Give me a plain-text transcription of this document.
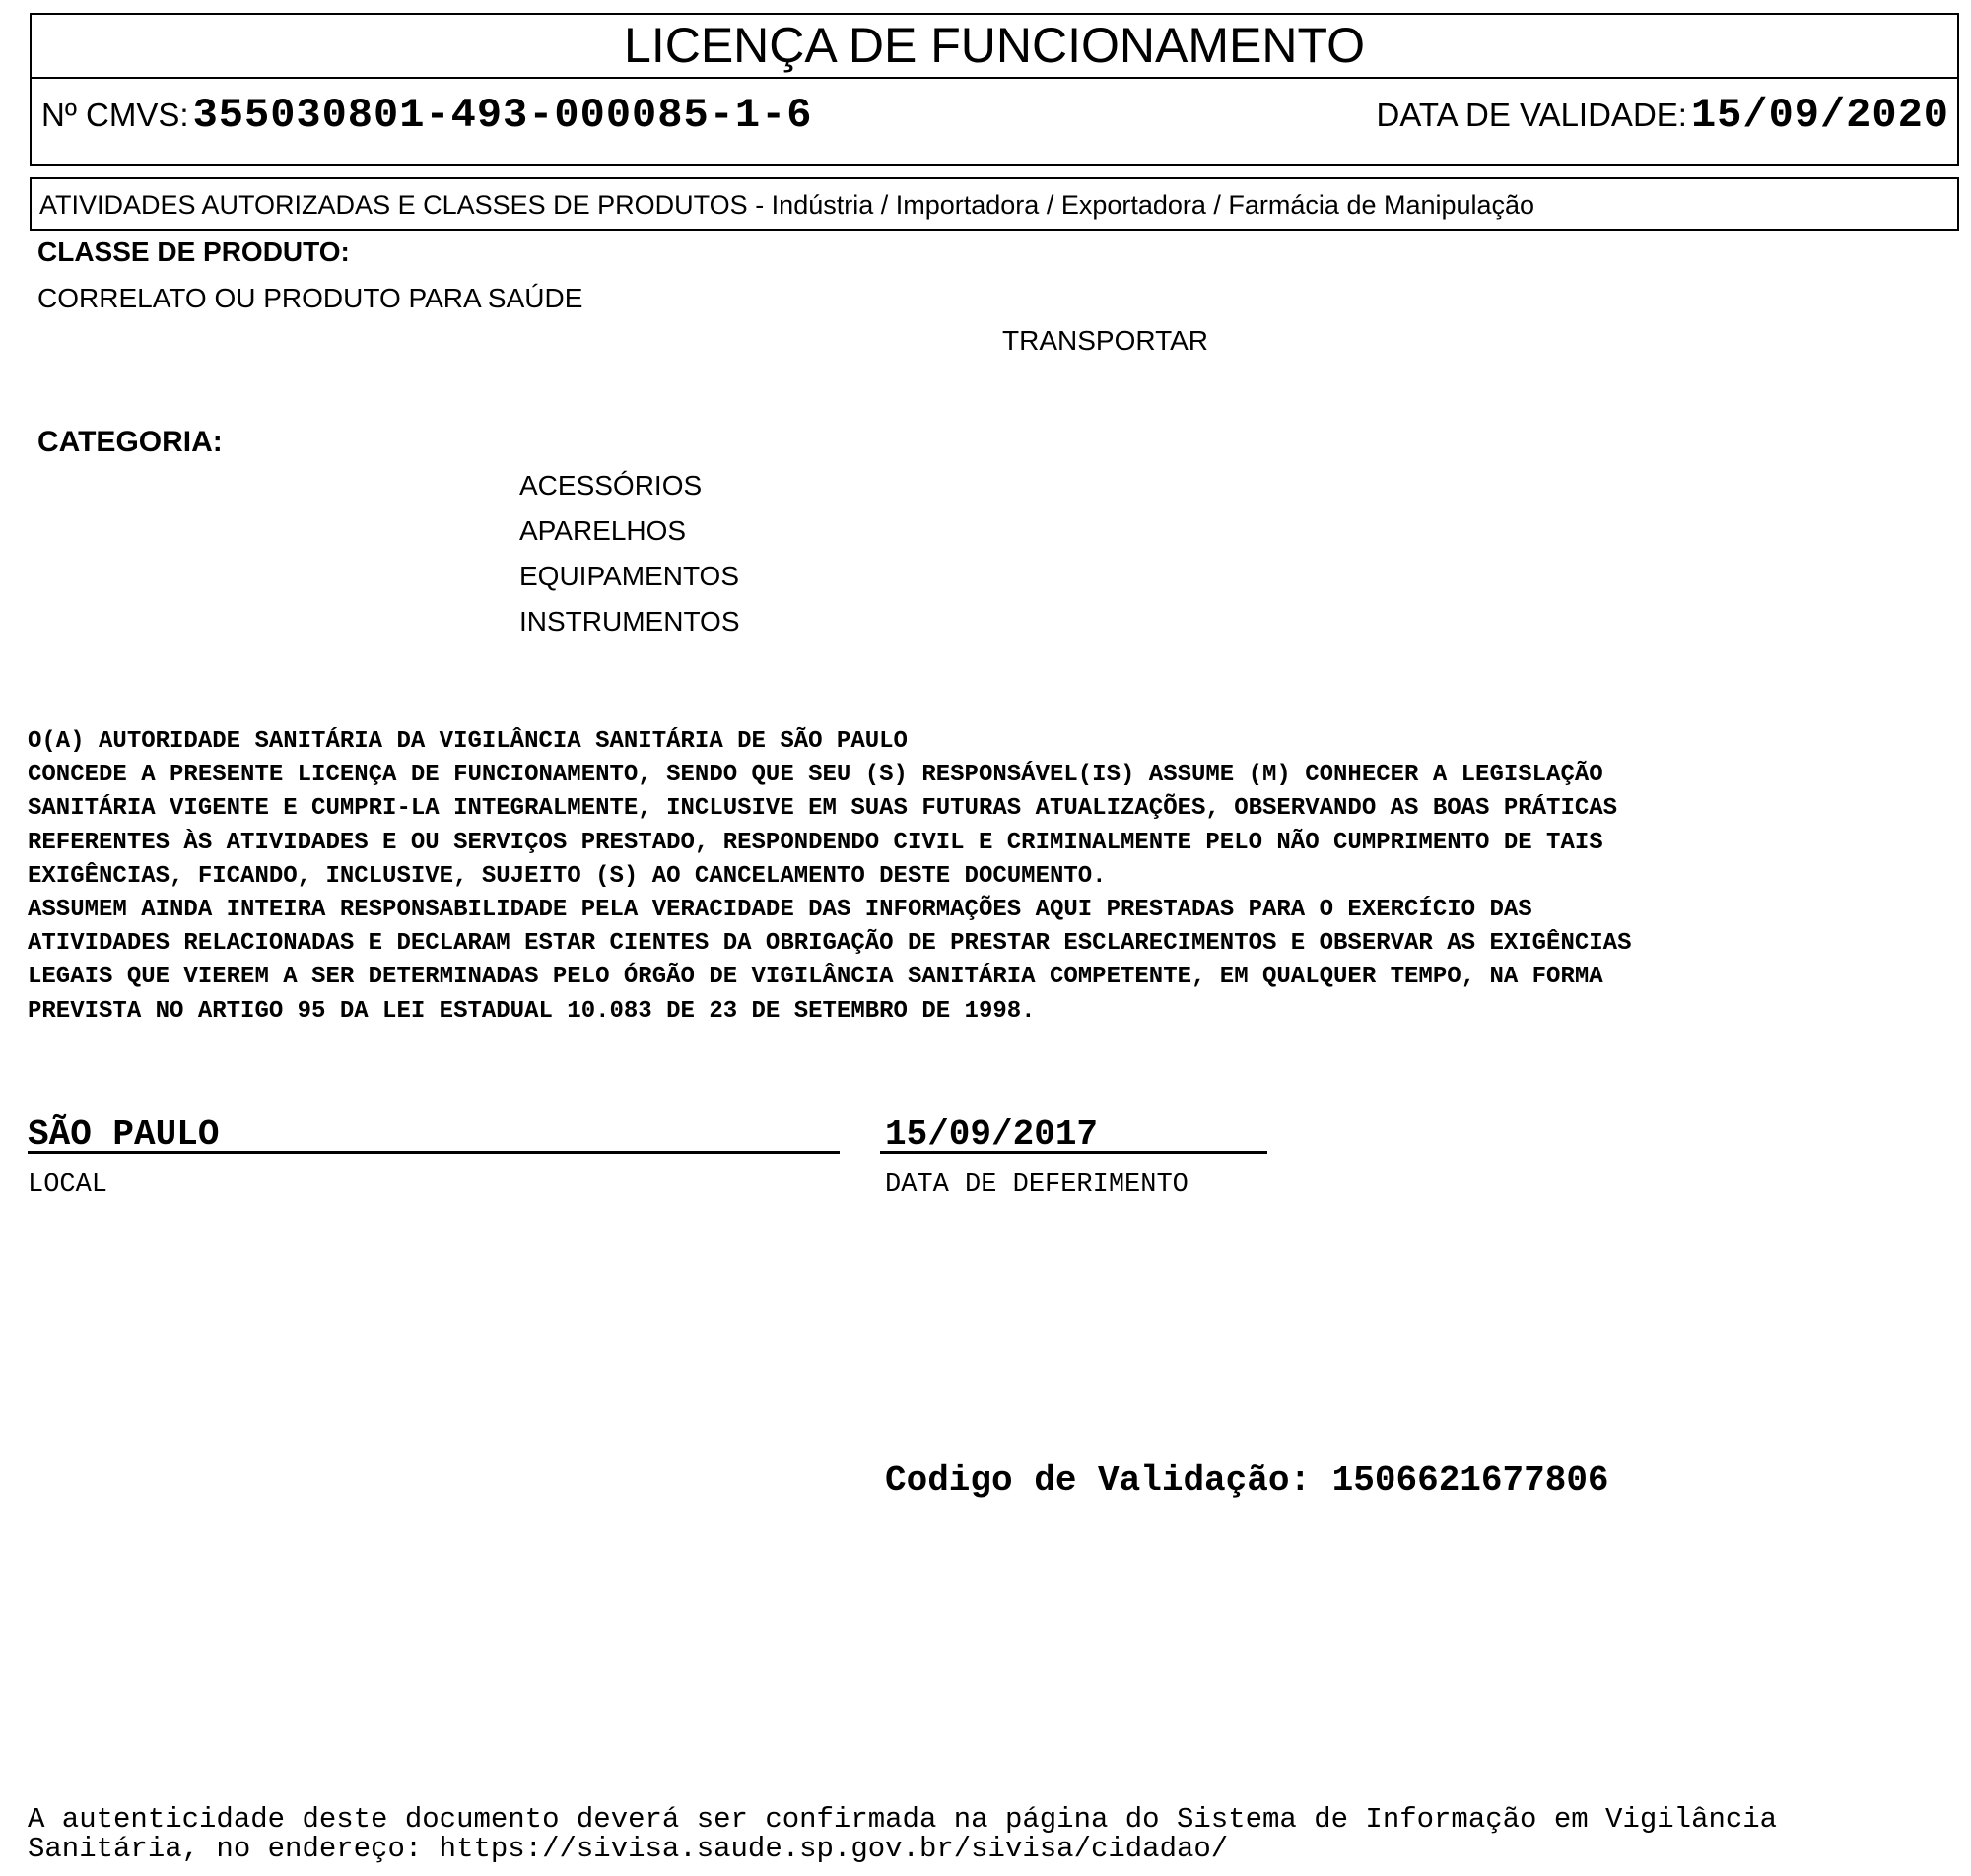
LICENÇA DE FUNCIONAMENTO
Nº CMVS: 355030801-493-000085-1-6	DATA DE VALIDADE: 15/09/2020
ATIVIDADES AUTORIZADAS E CLASSES DE PRODUTOS - Indústria / Importadora / Exportadora / Farmácia de Manipulação
CLASSE DE PRODUTO:
CORRELATO OU PRODUTO PARA SAÚDE
TRANSPORTAR
CATEGORIA:
ACESSÓRIOS
APARELHOS
EQUIPAMENTOS
INSTRUMENTOS
O(A) AUTORIDADE SANITÁRIA DA VIGILÂNCIA SANITÁRIA DE SÃO PAULO
CONCEDE A PRESENTE LICENÇA DE FUNCIONAMENTO, SENDO QUE SEU (S) RESPONSÁVEL(IS) ASSUME (M) CONHECER A LEGISLAÇÃO
SANITÁRIA VIGENTE E CUMPRI-LA INTEGRALMENTE, INCLUSIVE EM SUAS FUTURAS ATUALIZAÇÕES, OBSERVANDO AS BOAS PRÁTICAS
REFERENTES ÀS ATIVIDADES E OU SERVIÇOS PRESTADO, RESPONDENDO CIVIL E CRIMINALMENTE PELO NÃO CUMPRIMENTO DE TAIS
EXIGÊNCIAS, FICANDO, INCLUSIVE, SUJEITO (S) AO CANCELAMENTO DESTE DOCUMENTO.
ASSUMEM AINDA INTEIRA RESPONSABILIDADE PELA VERACIDADE DAS INFORMAÇÕES AQUI PRESTADAS PARA O EXERCÍCIO DAS
ATIVIDADES RELACIONADAS E DECLARAM ESTAR CIENTES DA OBRIGAÇÃO DE PRESTAR ESCLARECIMENTOS E OBSERVAR AS EXIGÊNCIAS
LEGAIS QUE VIEREM A SER DETERMINADAS PELO ÓRGÃO DE VIGILÂNCIA SANITÁRIA COMPETENTE, EM QUALQUER TEMPO, NA FORMA
PREVISTA NO ARTIGO 95 DA LEI ESTADUAL 10.083 DE 23 DE SETEMBRO DE 1998.
SÃO PAULO
LOCAL
15/09/2017
DATA DE DEFERIMENTO
Codigo de Validação: 1506621677806
A autenticidade deste documento deverá ser confirmada na página do Sistema de Informação em Vigilância
Sanitária, no endereço: https://sivisa.saude.sp.gov.br/sivisa/cidadao/
